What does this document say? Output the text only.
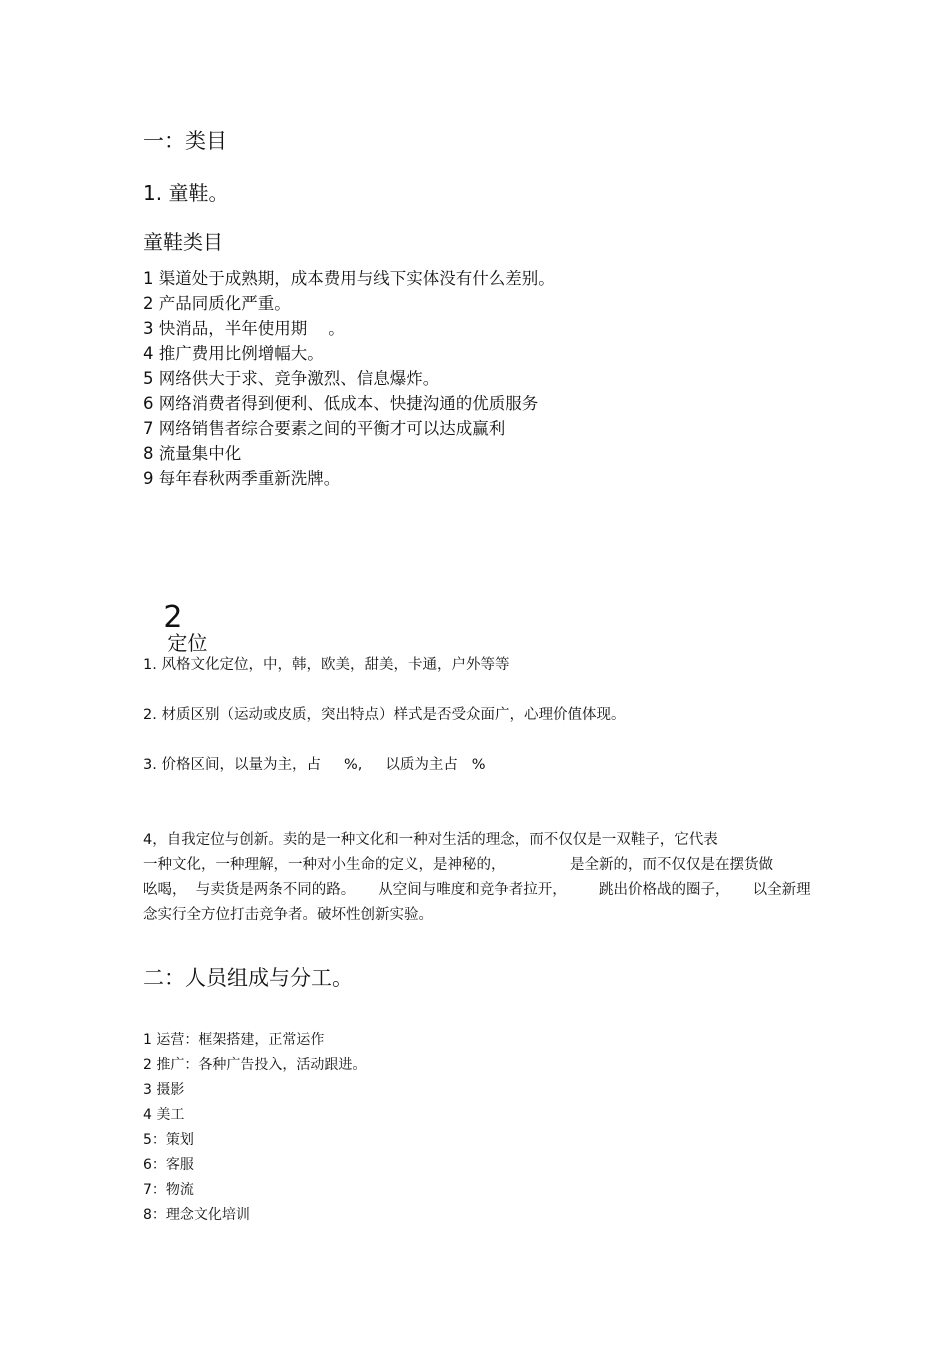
一：类目

1. 童鞋。

童鞋类目

1 渠道处于成熟期，成本费用与线下实体没有什么差别。

2 产品同质化严重。

3 快消品，半年使用期    。

4 推广费用比例增幅大。

5 网络供大于求、竞争激烈、信息爆炸。

6 网络消费者得到便利、低成本、快捷沟通的优质服务

7 网络销售者综合要素之间的平衡才可以达成赢利

8 流量集中化

9 每年春秋两季重新洗牌。

2
定位

1. 风格文化定位，中，韩，欧美，甜美，卡通，户外等等

2. 材质区别（运动或皮质，突出特点）样式是否受众面广，心理价值体现。

3. 价格区间，以量为主，占     %,     以质为主占   %

4，自我定位与创新。卖的是一种文化和一种对生活的理念，而不仅仅是一双鞋子，它代表

一种文化，一种理解，一种对小生命的定义，是神秘的，              是全新的，而不仅仅是在摆货做

吆喝，  与卖货是两条不同的路。     从空间与唯度和竞争者拉开，       跳出价格战的圈子，     以全新理

念实行全方位打击竞争者。破坏性创新实验。

二：人员组成与分工。

1 运营：框架搭建，正常运作

2 推广：各种广告投入，活动跟进。

3 摄影

4 美工

5：策划

6：客服

7：物流

8：理念文化培训
